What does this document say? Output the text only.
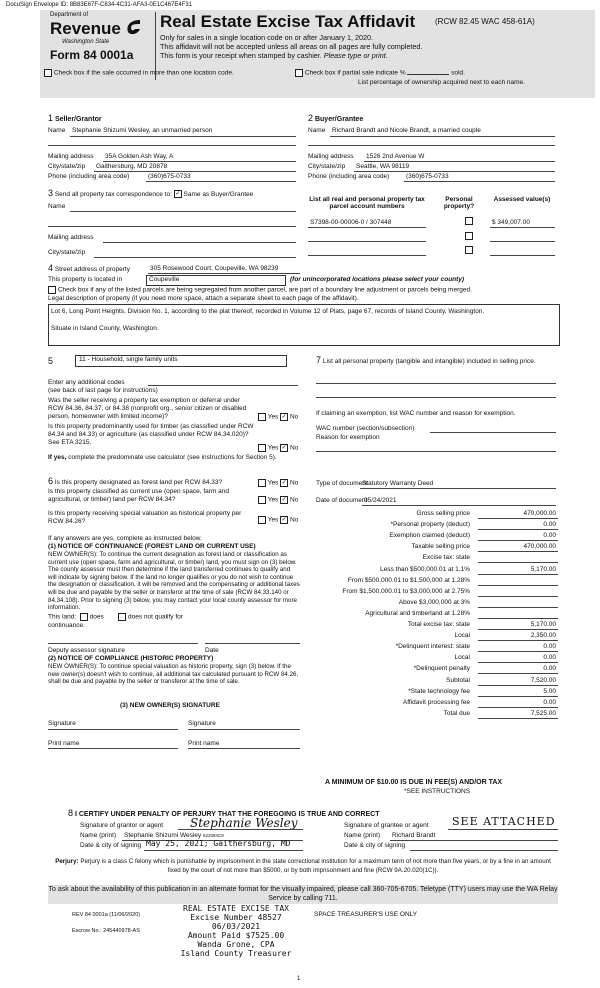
DocuSign Envelope ID: 8B83E67F-C834-4C31-AFA3-0E1C467E4F31
Department of
Revenue
Washington State
Form 84 0001a
Real Estate Excise Tax Affidavit (RCW 82.45 WAC 458-61A)
Only for sales in a single location code on or after January 1, 2020.
This affidavit will not be accepted unless all areas on all pages are fully completed.
This form is your receipt when stamped by cashier. Please type or print.
Check box if the sale occurred in more than one location code.	Check box if partial sale indicate %	sold.
List percentage of ownership acquired next to each name.
1 Seller/Grantor	2 Buyer/Grantee
Name Stephanie Shizumi Wesley, an unmarried person	Name Richard Brandt and Nicole Brandt, a married couple
Mailing address 35A Golden Ash Way, A
City/state/zip Gaithersburg, MD 20878
Phone (including area code)	(360)675-0733
Mailing address 1526 2nd Avenue W
City/state/zip Seattle, WA 98119
Phone (including area code)	(360)675-0733
3 Send all property tax correspondence to: ✓ Same as Buyer/Grantee
Name
Mailing address
City/state/zip
List all real and personal property tax parcel account numbers
Personal property?
Assessed value(s)
S7398-00-00006-0 / 307448	$ 349,007.00
4 Street address of property	305 Rosewood Court, Coupeville, WA 98239
This property is located in	Coupeville	(for unincorporated locations please select your county)
Check box if any of the listed parcels are being segregated from another parcel, are part of a boundary line adjustment or parcels being merged.
Legal description of property (if you need more space, attach a separate sheet to each page of the affidavit).
Lot 6, Long Point Heights, Division No. 1, according to the plat thereof, recorded in Volume 12 of Plats, page 67, records of Island County, Washington.
Situate in Island County, Washington.
5	11 - Household, single family units
Enter any additional codes
(see back of last page for instructions)
Was the seller receiving a property tax exemption or deferral under RCW 84.36, 84.37, or 84.38 (nonprofit org., senior citizen or disabled person, homeowner with limited income)?	Yes ✓ No
Is this property predominantly used for timber (as classified under RCW 84.34 and 84.33) or agriculture (as classified under RCW 84.34.020)? See ETA 3215.
Yes ✓ No
If yes, complete the predominate use calculator (see instructions for Section 5).
7 List all personal property (tangible and intangible) included in selling price.
If claiming an exemption, list WAC number and reason for exemption.
WAC number (section/subsection)
Reason for exemption
6 Is this property designated as forest land per RCW 84.33?	Yes ✓ No
Is this property classified as current use (open space, farm and agricultural, or timber) land per RCW 84.34?	Yes ✓ No
Is this property receiving special valuation as historical property per RCW 84.26?	Yes ✓ No
If any answers are yes, complete as instructed below.
(1) NOTICE OF CONTINUANCE (FOREST LAND OR CURRENT USE)
NEW OWNER(S): To continue the current designation as forest land or classification as current use (open space, farm and agricultural, or timber) land, you must sign on (3) below. The county assessor must then determine if the land transferred continues to qualify and will indicate by signing below. If the land no longer qualifies or you do not wish to continue the designation or classification, it will be removed and the compensating or additional taxes will be due and payable by the seller or transferor at the time of sale (RCW 84.33.140 or 84.34.108). Prior to signing (3) below, you may contact your local county assessor for more information.
This land: does	does not qualify for
continuance.
Deputy assessor signature	Date
(2) NOTICE OF COMPLIANCE (HISTORIC PROPERTY)
NEW OWNER(S): To continue special valuation as historic property, sign (3) below. If the new owner(s) doesn't wish to continue, all additional tax calculated pursuant to RCW 84.26, shall be due and payable by the seller or transferor at the time of sale.
(3) NEW OWNER(S) SIGNATURE
Signature	Signature
Print name	Print name
Type of document
Statutory Warranty Deed
Date of document
05/24/2021
Gross selling price	470,000.00
*Personal property (deduct)	0.00
Exemption claimed (deduct)	0.00
Taxable selling price	470,000.00
Excise tax: state
Less than $500,000.01 at 1.1%	5,170.00
From $500,000.01 to $1,500,000 at 1.28%
From $1,500,000.01 to $3,000,000 at 2.75%
Above $3,000,000 at 3%
Agricultural and timberland at 1.28%
Total excise tax: state	5,170.00
Local	2,350.00
*Delinquent interest: state	0.00
Local	0.00
*Delinquent penalty	0.00
Subtotal	7,520.00
*State technology fee	5.00
Affidavit processing fee	0.00
Total due	7,525.00
A MINIMUM OF $10.00 IS DUE IN FEE(S) AND/OR TAX
*SEE INSTRUCTIONS
8 I CERTIFY UNDER PENALTY OF PERJURY THAT THE FOREGOING IS TRUE AND CORRECT
Signature of grantor or agent Stephanie Wesley
Name (print) Stephanie Shizumi Wesley 522084C8
Date & city of signing May 25, 2021; Gaithersburg, MD
Signature of grantee or agent SEE ATTACHED
Name (print) Richard Brandt
Date & city of signing
Perjury: Perjury is a class C felony which is punishable by imprisonment in the state correctional institution for a maximum term of not more than five years, or by a fine in an amount fixed by the court of not more than $5000, or by both imprisonment and fine (RCW 9A.20.020(1C)).
To ask about the availability of this publication in an alternate format for the visually impaired, please call 360-705-6705. Teletype (TTY) users may use the WA Relay Service by calling 711.
REV 84 0001a (11/06/2020)
Escrow No.: 245440978-AS
SPACE TREASURER'S USE ONLY
REAL ESTATE EXCISE TAX
Excise Number 48527
06/03/2021
Amount Paid $7525.00
Wanda Grone, CPA
Island County Treasurer
1
